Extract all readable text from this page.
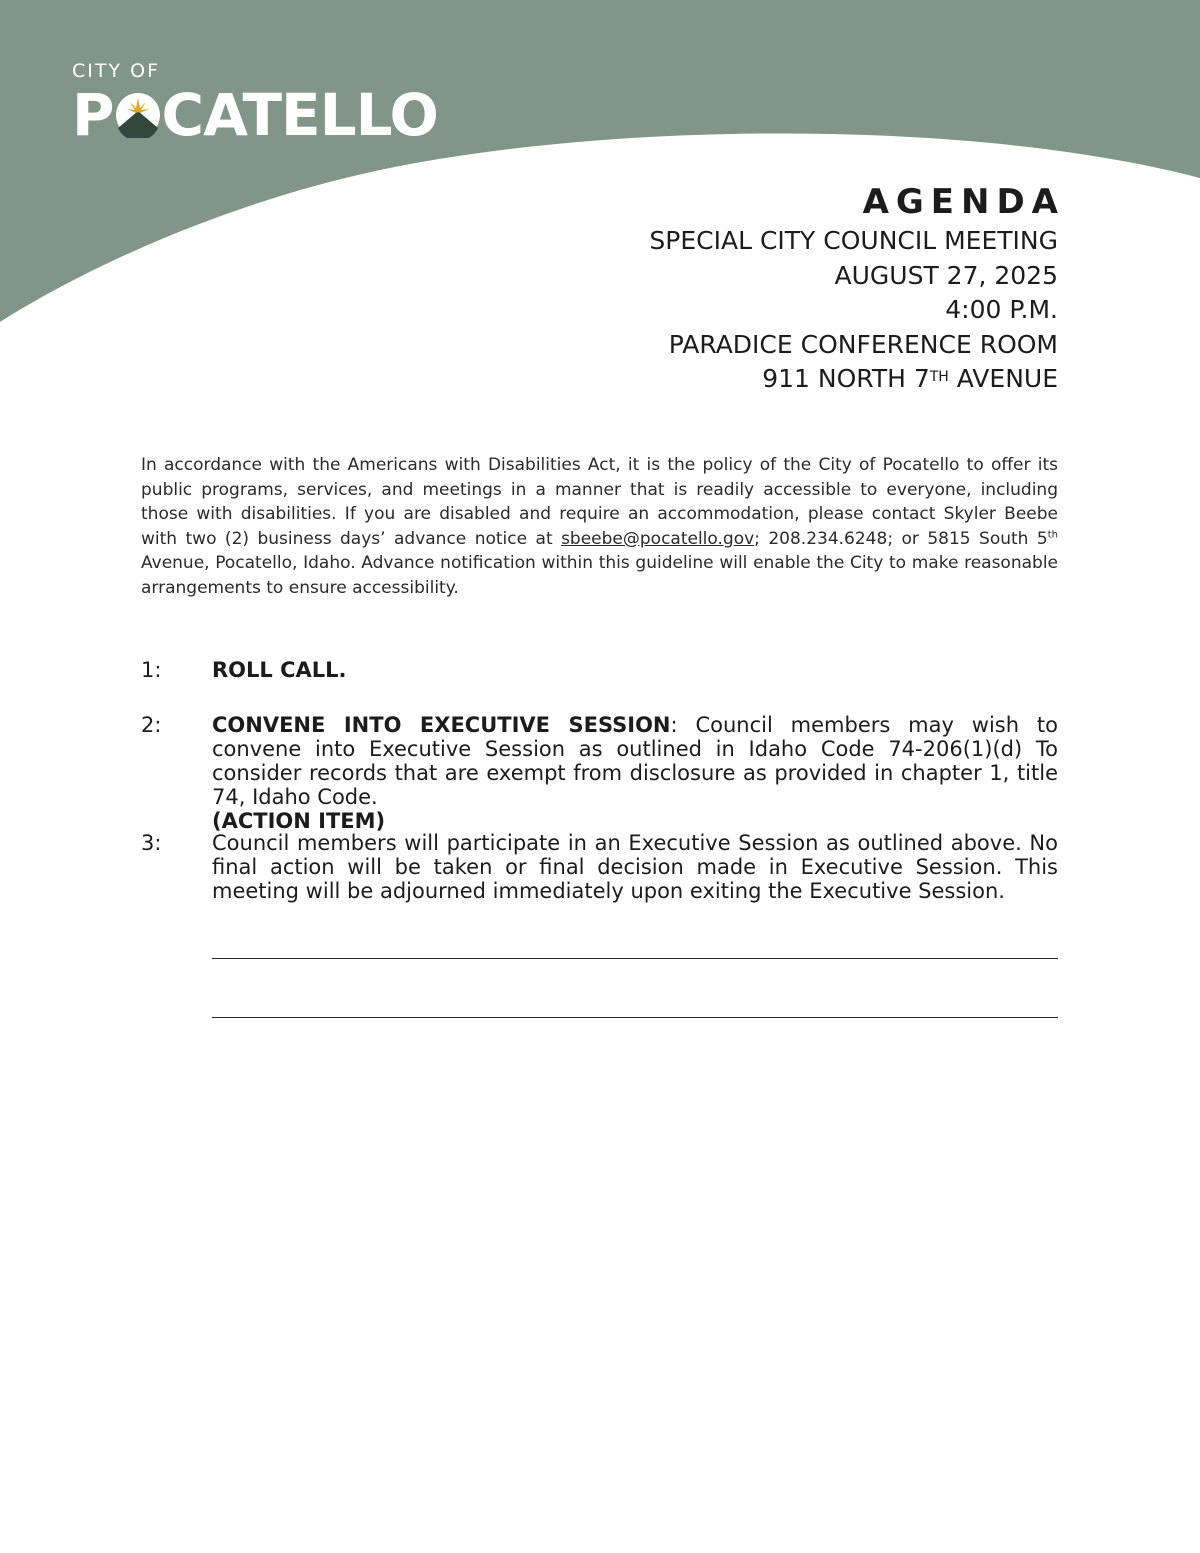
CITY OF
P CATELLO
AGENDA
SPECIAL CITY COUNCIL MEETING
AUGUST 27, 2025
4:00 P.M.
PARADICE CONFERENCE ROOM
911 NORTH 7TH AVENUE
In accordance with the Americans with Disabilities Act, it is the policy of the City of Pocatello to offer its public programs, services, and meetings in a manner that is readily accessible to everyone, including those with disabilities. If you are disabled and require an accommodation, please contact Skyler Beebe with two (2) business days’ advance notice at sbeebe@pocatello.gov; 208.234.6248; or 5815 South 5th Avenue, Pocatello, Idaho. Advance notification within this guideline will enable the City to make reasonable arrangements to ensure accessibility.
1: ROLL CALL.
2: CONVENE INTO EXECUTIVE SESSION: Council members may wish to convene into Executive Session as outlined in Idaho Code 74-206(1)(d) To consider records that are exempt from disclosure as provided in chapter 1, title 74, Idaho Code.
(ACTION ITEM)
3: Council members will participate in an Executive Session as outlined above. No final action will be taken or final decision made in Executive Session. This meeting will be adjourned immediately upon exiting the Executive Session.
